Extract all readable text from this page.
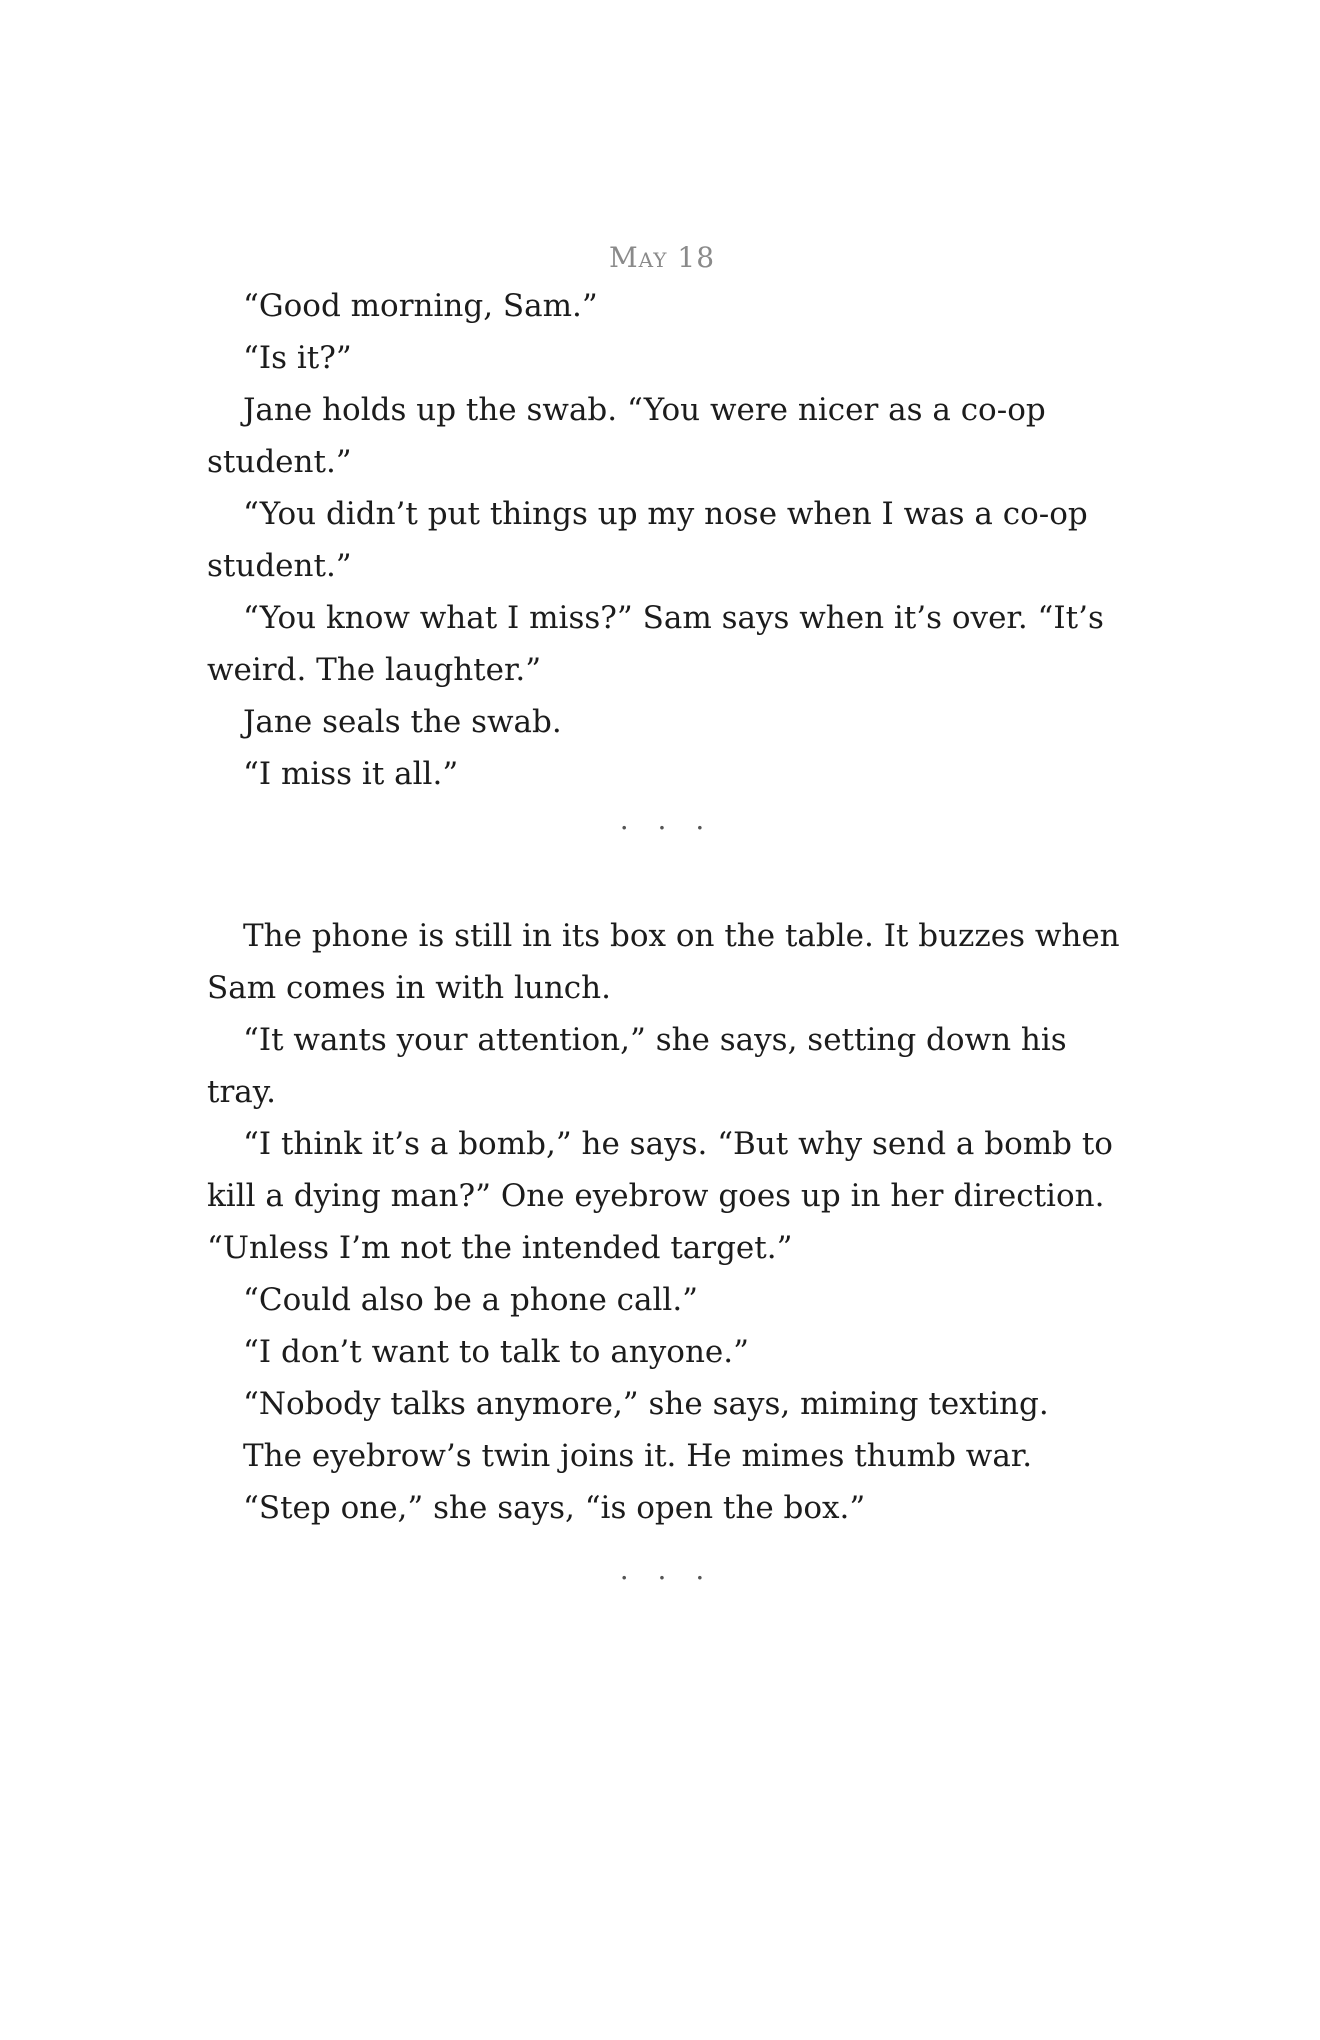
May 18

“Good morning, Sam.”

“Is it?”

Jane holds up the swab. “You were nicer as a co-op student.”

“You didn’t put things up my nose when I was a co-op student.”

“You know what I miss?” Sam says when it’s over. “It’s weird. The laughter.”

Jane seals the swab.

“I miss it all.”

. . .

The phone is still in its box on the table. It buzzes when Sam comes in with lunch.

“It wants your attention,” she says, setting down his tray.

“I think it’s a bomb,” he says. “But why send a bomb to kill a dying man?” One eyebrow goes up in her direction. “Unless I’m not the intended target.”

“Could also be a phone call.”

“I don’t want to talk to anyone.”

“Nobody talks anymore,” she says, miming texting.

The eyebrow’s twin joins it. He mimes thumb war.

“Step one,” she says, “is open the box.”

. . .
